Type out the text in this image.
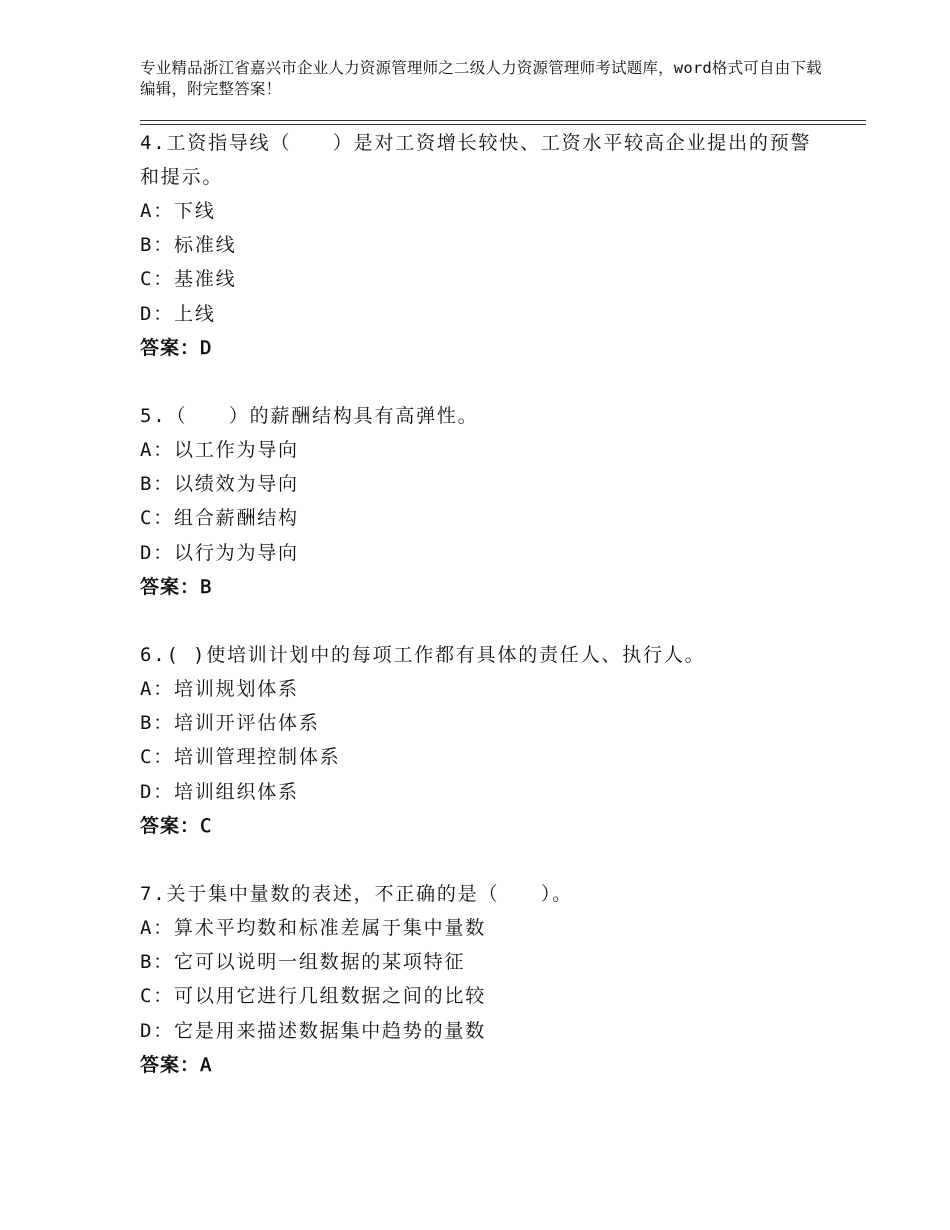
专业精品浙江省嘉兴市企业人力资源管理师之二级人力资源管理师考试题库，word格式可自由下载编辑，附完整答案！
4.工资指导线（　　）是对工资增长较快、工资水平较高企业提出的预警和提示。
A：下线
B：标准线
C：基准线
D：上线
答案：D
5.（　　）的薪酬结构具有高弹性。
A：以工作为导向
B：以绩效为导向
C：组合薪酬结构
D：以行为为导向
答案：B
6.( )使培训计划中的每项工作都有具体的责任人、执行人。
A：培训规划体系
B：培训开评估体系
C：培训管理控制体系
D：培训组织体系
答案：C
7.关于集中量数的表述，不正确的是（　　）。
A：算术平均数和标准差属于集中量数
B：它可以说明一组数据的某项特征
C：可以用它进行几组数据之间的比较
D：它是用来描述数据集中趋势的量数
答案：A
